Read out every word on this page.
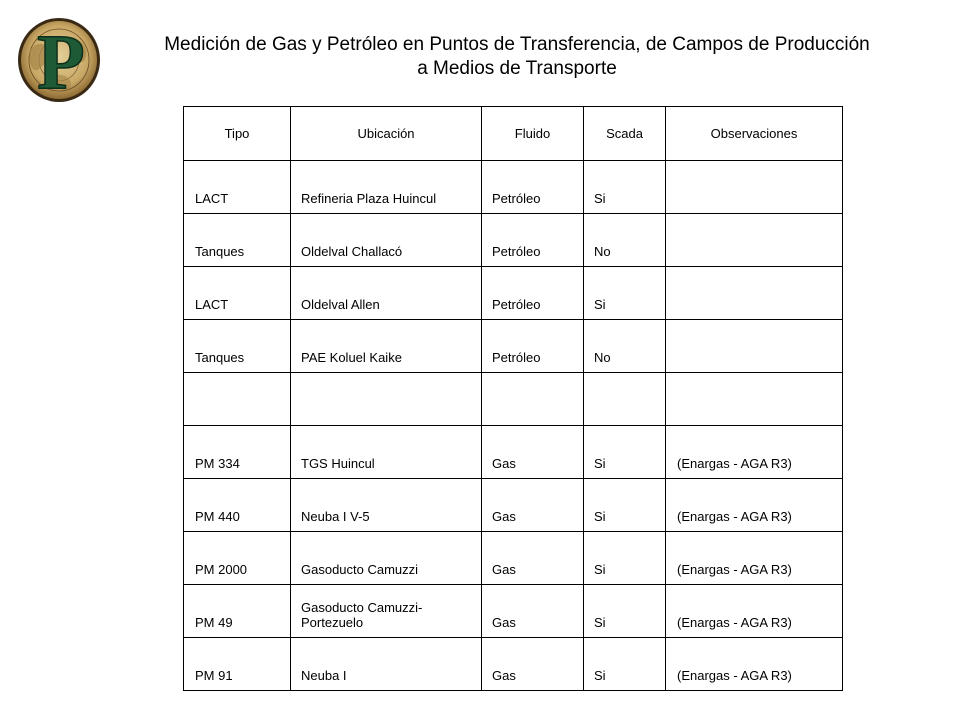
P	Medición de Gas y Petróleo en Puntos de Transferencia, de Campos de Producción
a Medios de Transporte
Tipo	Ubicación	Fluido	Scada	Observaciones

LACT	Refineria Plaza Huincul	Petróleo	Si	

Tanques	Oldelval Challacó	Petróleo	No	

LACT	Oldelval Allen	Petróleo	Si	

Tanques	PAE Koluel Kaike	Petróleo	No	

PM 334	TGS Huincul	Gas	Si	(Enargas - AGA R3)

PM 440	Neuba I V-5	Gas	Si	(Enargas - AGA R3)

PM 2000	Gasoducto Camuzzi	Gas	Si	(Enargas - AGA R3)

PM 49	Gasoducto Camuzzi-Portezuelo	Gas	Si	(Enargas - AGA R3)

PM 91	Neuba I	Gas	Si	(Enargas - AGA R3)
